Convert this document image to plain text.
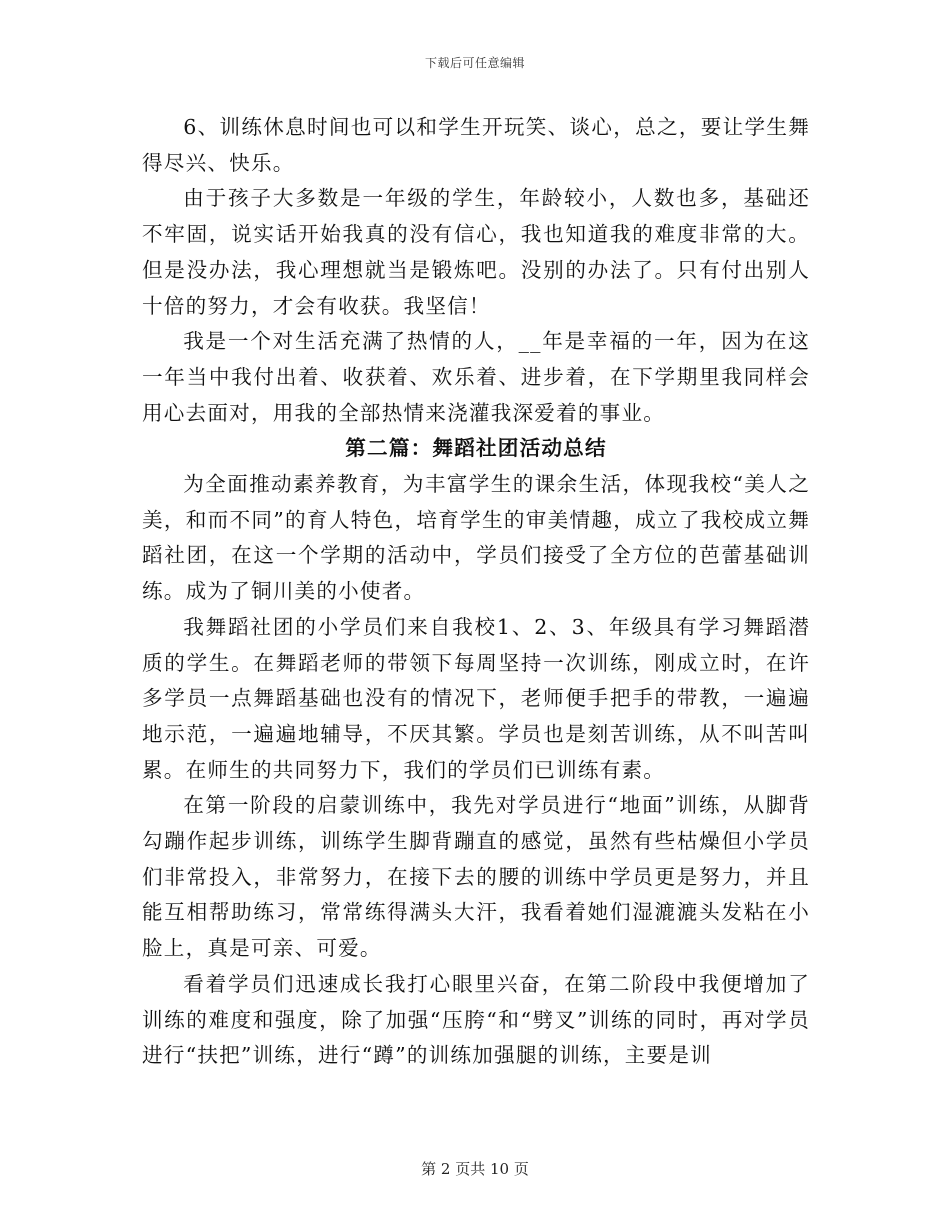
下载后可任意编辑

6、训练休息时间也可以和学生开玩笑、谈心，总之，要让学生舞得尽兴、快乐。

由于孩子大多数是一年级的学生，年龄较小，人数也多，基础还不牢固，说实话开始我真的没有信心，我也知道我的难度非常的大。但是没办法，我心理想就当是锻炼吧。没别的办法了。只有付出别人十倍的努力，才会有收获。我坚信！

我是一个对生活充满了热情的人，__年是幸福的一年，因为在这一年当中我付出着、收获着、欢乐着、进步着，在下学期里我同样会用心去面对，用我的全部热情来浇灌我深爱着的事业。

第二篇：舞蹈社团活动总结

为全面推动素养教育，为丰富学生的课余生活，体现我校“美人之美，和而不同”的育人特色，培育学生的审美情趣，成立了我校成立舞蹈社团，在这一个学期的活动中，学员们接受了全方位的芭蕾基础训练。成为了铜川美的小使者。

我舞蹈社团的小学员们来自我校1、2、3、年级具有学习舞蹈潜质的学生。在舞蹈老师的带领下每周坚持一次训练，刚成立时，在许多学员一点舞蹈基础也没有的情况下，老师便手把手的带教，一遍遍地示范，一遍遍地辅导，不厌其繁。学员也是刻苦训练，从不叫苦叫累。在师生的共同努力下，我们的学员们已训练有素。

在第一阶段的启蒙训练中，我先对学员进行“地面”训练，从脚背勾蹦作起步训练，训练学生脚背蹦直的感觉，虽然有些枯燥但小学员们非常投入，非常努力，在接下去的腰的训练中学员更是努力，并且能互相帮助练习，常常练得满头大汗，我看着她们湿漉漉头发粘在小脸上，真是可亲、可爱。

看着学员们迅速成长我打心眼里兴奋，在第二阶段中我便增加了训练的难度和强度，除了加强“压胯“和“劈叉”训练的同时，再对学员进行“扶把”训练，进行“蹲”的训练加强腿的训练，主要是训

第 2 页共 10 页
